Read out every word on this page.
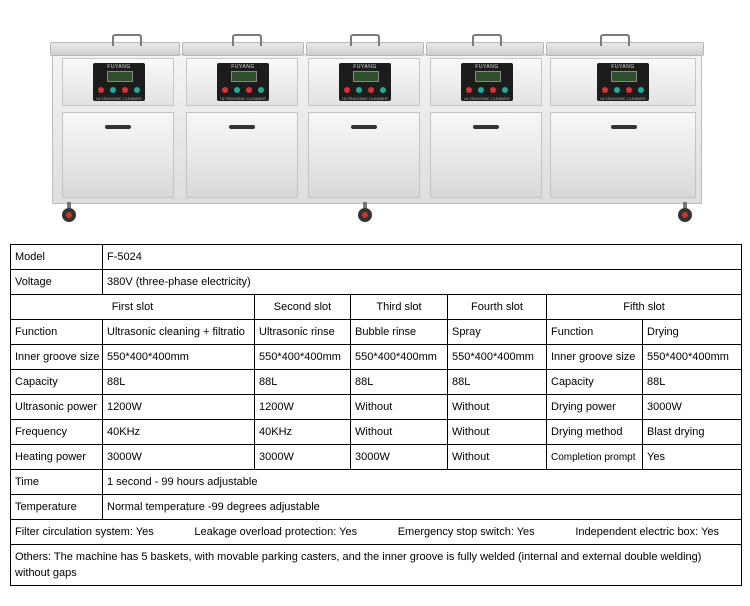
FUYANG
ULTRASONIC CLEANER
FUYANG
ULTRASONIC CLEANER
FUYANG
ULTRASONIC CLEANER
FUYANG
ULTRASONIC CLEANER
FUYANG
ULTRASONIC CLEANER
Model	F-5024					
Voltage	380V (three-phase electricity)					
First slot		Second slot	Third slot	Fourth slot	Fifth slot	
Function	Ultrasonic cleaning + filtratio	Ultrasonic rinse	Bubble rinse	Spray	Function	Drying
Inner groove size	550*400*400mm	550*400*400mm	550*400*400mm	550*400*400mm	Inner groove size	550*400*400mm
Capacity	88L	88L	88L	88L	Capacity	88L
Ultrasonic power	1200W	1200W	Without	Without	Drying power	3000W
Frequency	40KHz	40KHz	Without	Without	Drying method	Blast drying
Heating power	3000W	3000W	3000W	Without	Completion prompt	Yes
Time	1 second - 99 hours adjustable					
Temperature	Normal temperature -99 degrees adjustable					

Filter circulation system: Yes Leakage overload protection: Yes Emergency stop switch: Yes Independent electric box: Yes						

Others: The machine has 5 baskets, with movable parking casters, and the inner groove is fully welded (internal and external double welding) without gaps						
